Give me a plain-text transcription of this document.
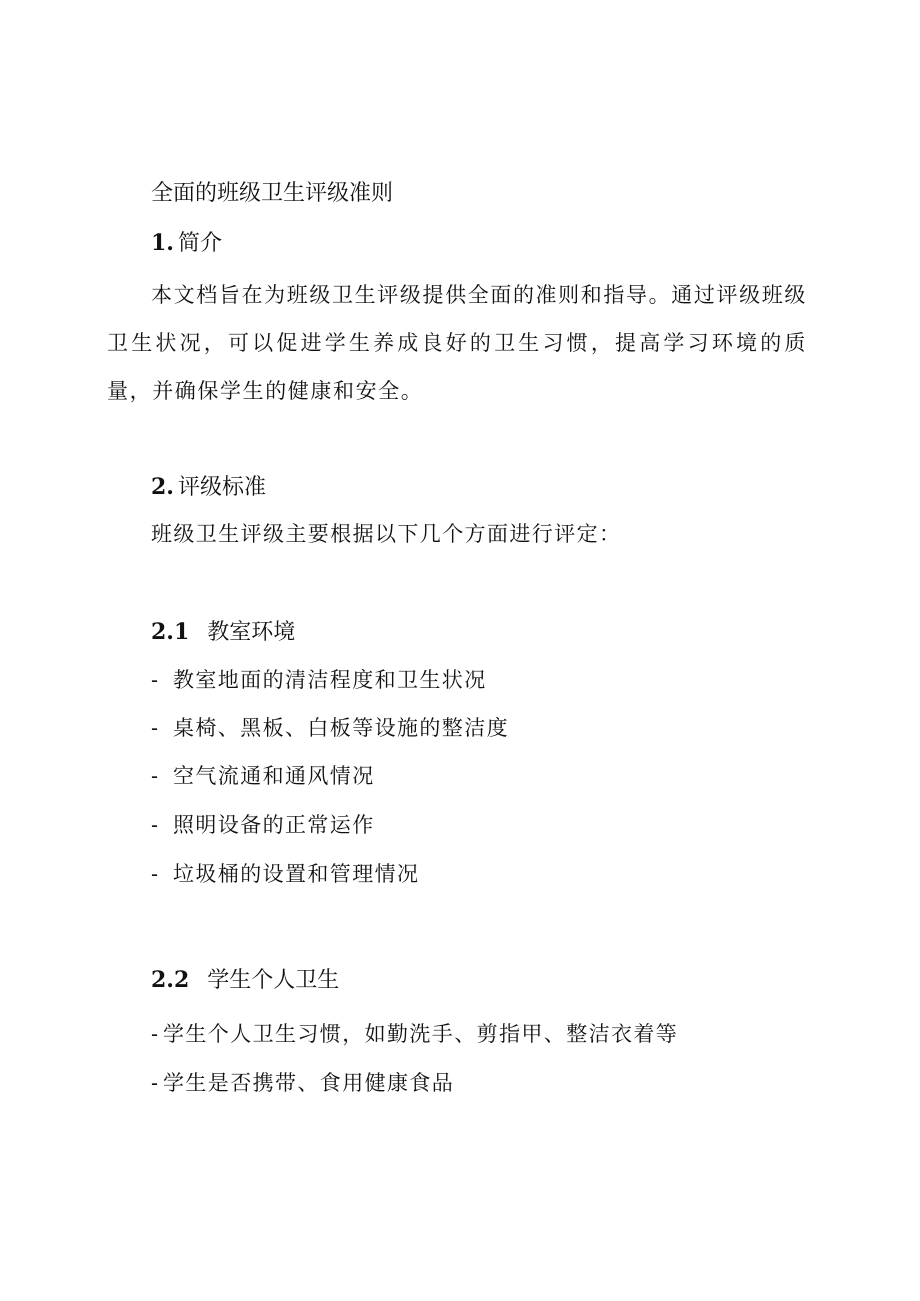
全面的班级卫生评级准则
1. 简介

本文档旨在为班级卫生评级提供全面的准则和指导。通过评级班级卫生状况，可以促进学生养成良好的卫生习惯，提高学习环境的质量，并确保学生的健康和安全。

2. 评级标准
班级卫生评级主要根据以下几个方面进行评定：
2.1 教室环境
- 教室地面的清洁程度和卫生状况
- 桌椅、黑板、白板等设施的整洁度
- 空气流通和通风情况
- 照明设备的正常运作
- 垃圾桶的设置和管理情况
2.2 学生个人卫生
- 学生个人卫生习惯，如勤洗手、剪指甲、整洁衣着等
- 学生是否携带、食用健康食品
